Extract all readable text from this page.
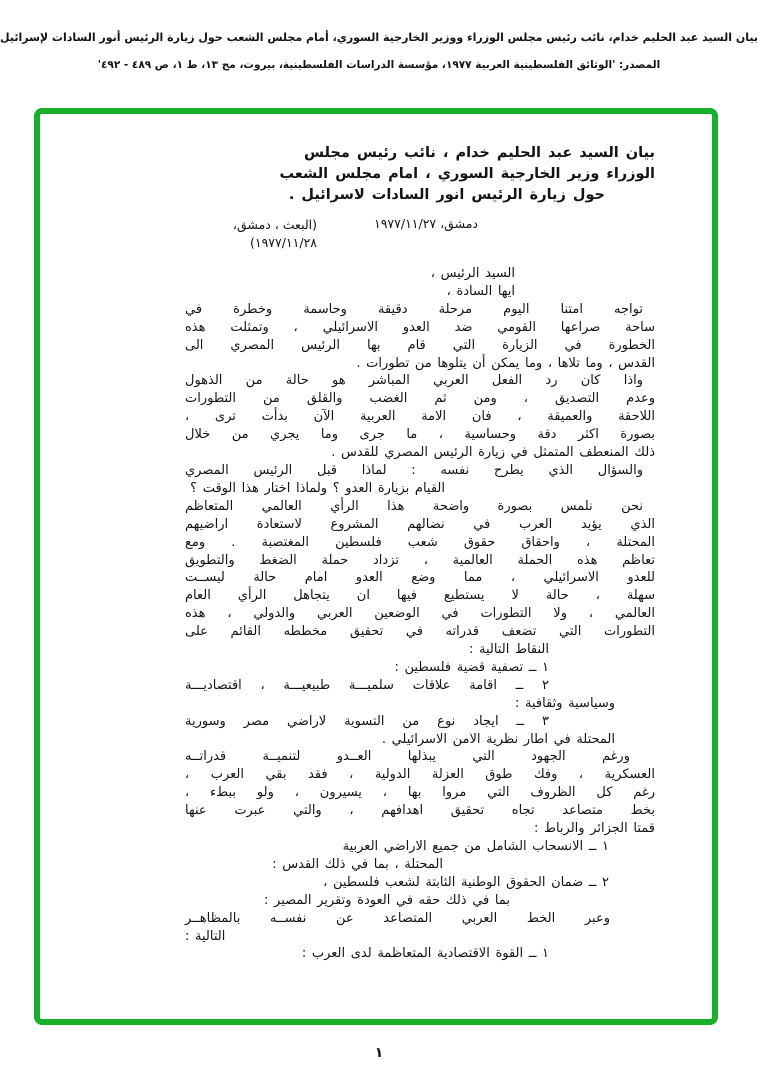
بيان السيد عبد الحليم خدام، نائب رئيس مجلس الوزراء ووزير الخارجية السوري، أمام مجلس الشعب حول زيارة الرئيس أنور السادات لإسرائيل
المصدر: 'الوثائق الفلسطينية العربية ١٩٧٧، مؤسسة الدراسات الفلسطينية، بيروت، مج ١٣، ط ١، ص ٤٨٩ - ٤٩٢'
بيان السيد عبد الحليم خدام ، نائب رئيس مجلس
الوزراء وزير الخارجية السوري ، امام مجلس الشعب
حول زيارة الرئيس انور السادات لاسرائيل .
دمشق، ١٩٧٧/١١/٢٧
(البعث ، دمشق، ١٩٧٧/١١/٢٨)
السيد الرئيس ،
ايها السادة ،
تواجه امتنا اليوم مرحلة دقيقة وحاسمة وخطرة في
ساحة صراعها القومي ضد العدو الاسرائيلي ، وتمثلت هذه
الخطورة في الزيارة التي قام بها الرئيس المصري الى
القدس ، وما تلاها ، وما يمكن أن يتلوها من تطورات .
واذا كان رد الفعل العربي المباشر هو حالة من الذهول
وعدم التصديق ، ومن ثم الغضب والقلق من التطورات
اللاحقة والعميقة ، فان الامة العربية الآن بدأت ترى ،
بصورة اكثر دقة وحساسية ، ما جرى وما يجري من خلال
ذلك المنعطف المتمثل في زيارة الرئيس المصري للقدس .
والسؤال الذي يطرح نفسه : لماذا قبل الرئيس المصري
القيام بزيارة العدو ؟ ولماذا اختار هذا الوقت ؟
نحن نلمس بصورة واضحة هذا الرأي العالمي المتعاظم
الذي يؤيد العرب في نضالهم المشروع لاستعادة اراضيهم
المحتلة ، واحقاق حقوق شعب فلسطين المغتصبة . ومع
تعاظم هذه الحملة العالمية ، تزداد حملة الضغط والتطويق
للعدو الاسرائيلي ، مما وضع العدو امام حالة ليســت
سهلة ، حالة لا يستطيع فيها ان يتجاهل الرأي العام
العالمي ، ولا التطورات في الوضعين العربي والدولي ، هذه
التطورات التي تضعف قدراته في تحقيق مخططه القائم على
النقاط التالية :
١ ــ تصفية قضية فلسطين :
٢ ــ اقامة علاقات سلميـــة طبيعيـــة ، اقتصاديـــة
وسياسية وثقافية :
٣ ــ ايجاد نوع من التسوية لاراضي مصر وسورية
المحتلة في اطار نظرية الامن الاسرائيلي .
ورغم الجهود التي يبذلها العــدو لتنميــة قدراتــه
العسكرية ، وفك طوق العزلة الدولية ، فقد بقي العرب ،
رغم كل الظروف التي مروا بها ، يسيرون ، ولو ببطء ،
بخط متصاعد تجاه تحقيق اهدافهم ، والتي عبرت عنها
قمتا الجزائر والرباط :
١ ــ الانسحاب الشامل من جميع الاراضي العربية
المحتلة ، بما في ذلك القدس :
٢ ــ ضمان الحقوق الوطنية الثابتة لشعب فلسطين ،
بما في ذلك حقه في العودة وتقرير المصير :
وعبر الخط العربي المتصاعد عن نفســه بالمظاهــر
التالية :
١ ــ القوة الاقتصادية المتعاظمة لدى العرب :
١
